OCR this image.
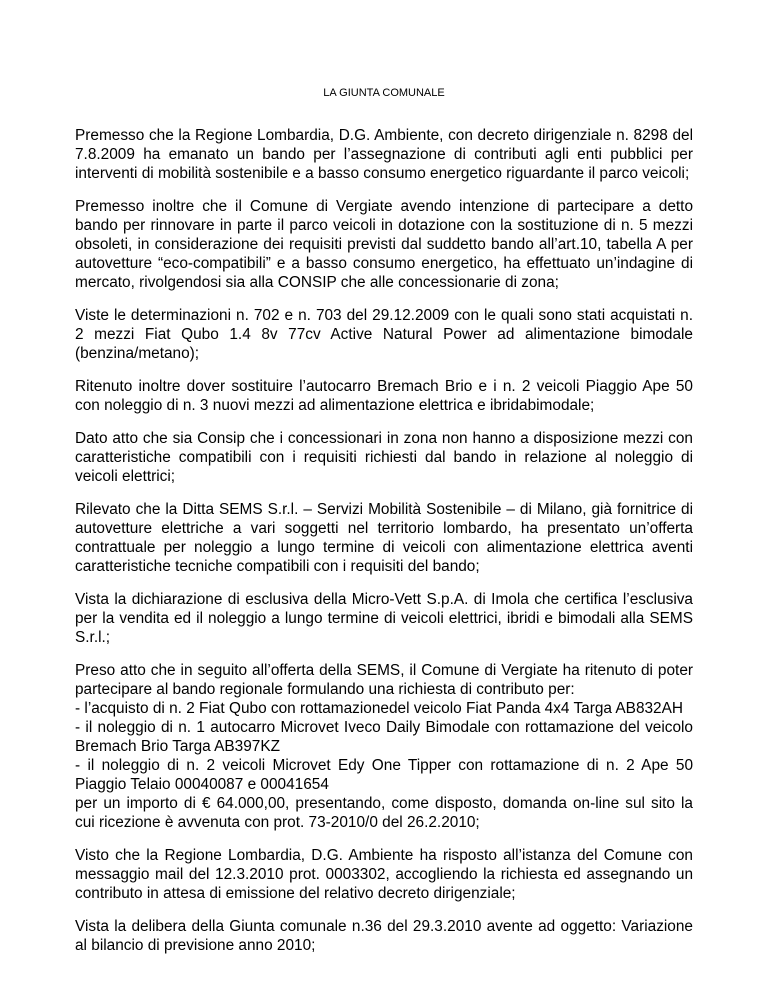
LA GIUNTA COMUNALE
Premesso che la Regione Lombardia, D.G. Ambiente, con decreto dirigenziale n. 8298 del
7.8.2009 ha emanato un bando per l’assegnazione di contributi agli enti pubblici per
interventi di mobilità sostenibile e a basso consumo energetico riguardante il parco veicoli;
Premesso inoltre che il Comune di Vergiate avendo intenzione di partecipare a detto
bando per rinnovare in parte il parco veicoli in dotazione con la sostituzione di n. 5 mezzi
obsoleti, in considerazione dei requisiti previsti dal suddetto bando all’art.10, tabella A per
autovetture “eco-compatibili” e a basso consumo energetico, ha effettuato un’indagine di
mercato, rivolgendosi sia alla CONSIP che alle concessionarie di zona;
Viste le determinazioni n. 702 e n. 703 del 29.12.2009 con le quali sono stati acquistati n.
2 mezzi Fiat Qubo 1.4 8v 77cv Active Natural Power ad alimentazione bimodale
(benzina/metano);
Ritenuto inoltre dover sostituire l’autocarro Bremach Brio e i n. 2 veicoli Piaggio Ape 50
con noleggio di n. 3 nuovi mezzi ad alimentazione elettrica e ibridabimodale;
Dato atto che sia Consip che i concessionari in zona non hanno a disposizione mezzi con
caratteristiche compatibili con i requisiti richiesti dal bando in relazione al noleggio di
veicoli elettrici;
Rilevato che la Ditta SEMS S.r.l. – Servizi Mobilità Sostenibile – di Milano, già fornitrice di
autovetture elettriche a vari soggetti nel territorio lombardo, ha presentato un’offerta
contrattuale per noleggio a lungo termine di veicoli con alimentazione elettrica aventi
caratteristiche tecniche compatibili con i requisiti del bando;
Vista la dichiarazione di esclusiva della Micro-Vett S.p.A. di Imola che certifica l’esclusiva
per la vendita ed il noleggio a lungo termine di veicoli elettrici, ibridi e bimodali alla SEMS
S.r.l.;
Preso atto che in seguito all’offerta della SEMS, il Comune di Vergiate ha ritenuto di poter
partecipare al bando regionale formulando una richiesta di contributo per:
- l’acquisto di n. 2 Fiat Qubo con rottamazionedel veicolo Fiat Panda 4x4 Targa AB832AH
- il noleggio di n. 1 autocarro Microvet Iveco Daily Bimodale con rottamazione del veicolo
Bremach Brio Targa AB397KZ
- il noleggio di n. 2 veicoli Microvet Edy One Tipper con rottamazione di n. 2 Ape 50
Piaggio Telaio 00040087 e 00041654
per un importo di € 64.000,00, presentando, come disposto, domanda on-line sul sito la
cui ricezione è avvenuta con prot. 73-2010/0 del 26.2.2010;
Visto che la Regione Lombardia, D.G. Ambiente ha risposto all’istanza del Comune con
messaggio mail del 12.3.2010 prot. 0003302, accogliendo la richiesta ed assegnando un
contributo in attesa di emissione del relativo decreto dirigenziale;
Vista la delibera della Giunta comunale n.36 del 29.3.2010 avente ad oggetto: Variazione
al bilancio di previsione anno 2010;
